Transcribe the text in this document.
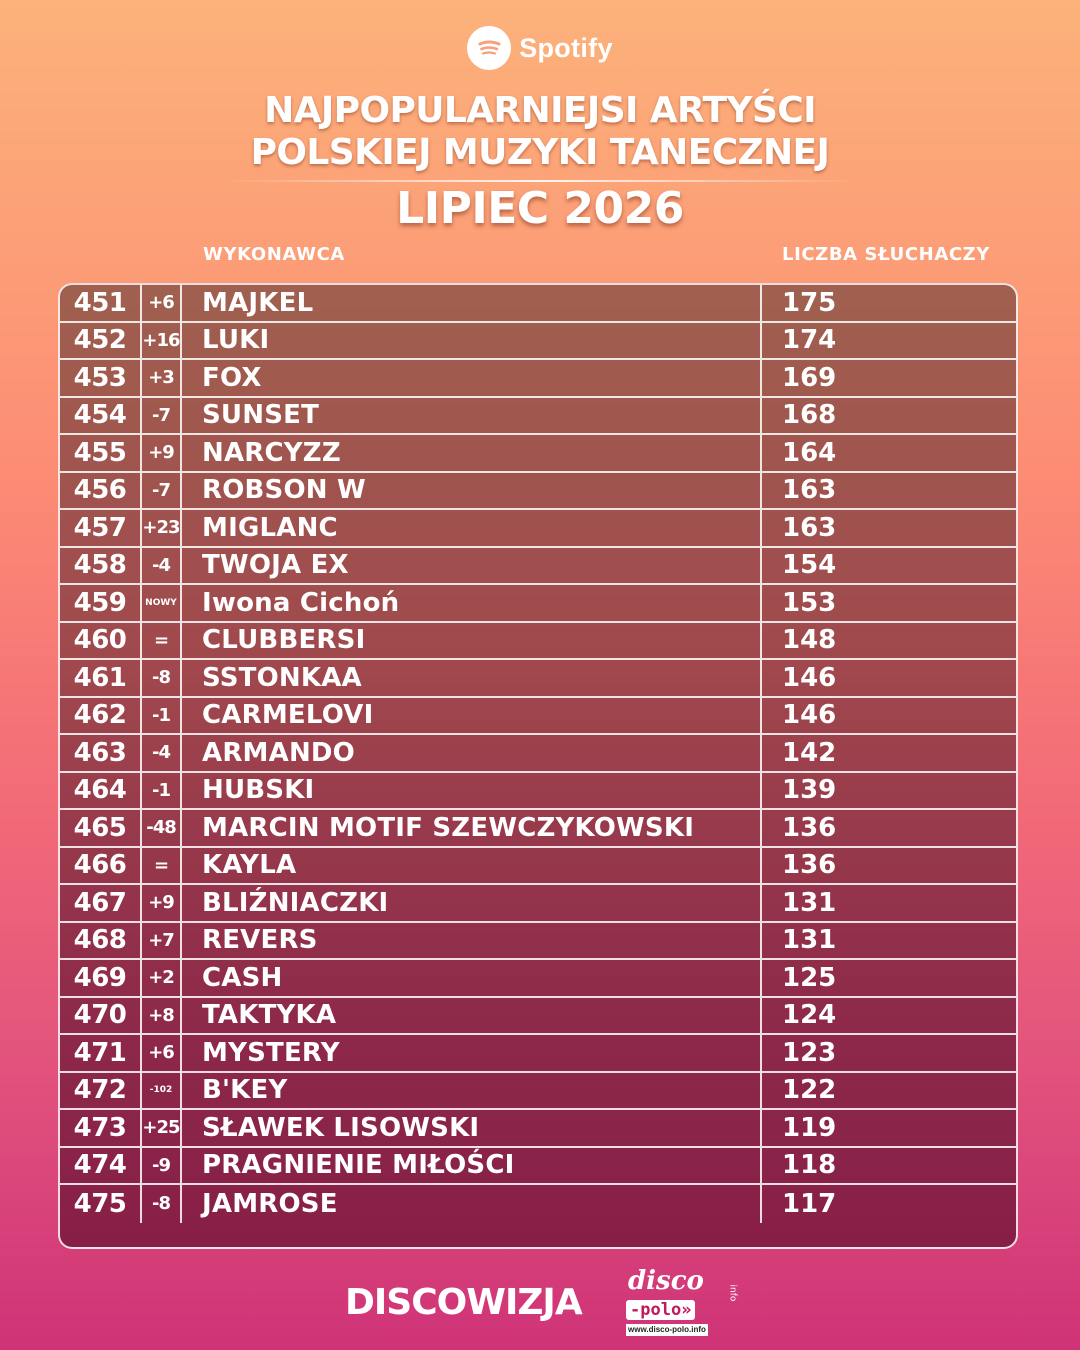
Spotify
NAJPOPULARNIEJSI ARTYŚCI
POLSKIEJ MUZYKI TANECZNEJ
LIPIEC 2026
WYKONAWCA	LICZBA SŁUCHACZY
451	+6 MAJKEL	175
452 +16 LUKI	174
453	+3 FOX	169
454	-7	SUNSET	168
455	+9 NARCYZZ	164
456	-7	ROBSON W	163
457 +23 MIGLANC	163
458	-4	TWOJA EX	154
459	NOWY Iwona Cichoń	153
460	=	CLUBBERSI	148
461	-8	SSTONKAA	146
462	-1	CARMELOVI	146
463	-4	ARMANDO	142
464	-1	HUBSKI	139
465	-48 MARCIN MOTIF SZEWCZYKOWSKI	136
466	=	KAYLA	136
467	+9 BLIŹNIACZKI	131
468	+7 REVERS	131
469	+2 CASH	125
470	+8 TAKTYKA	124
471	+6 MYSTERY	123
472	-102 B'KEY	122
473 +25 SŁAWEK LISOWSKI	119
474	-9	PRAGNIENIE MIŁOŚCI	118
475	-8	JAMROSE	117
DISCOWIZJA
disco
-polo»
info
www.disco-polo.info
